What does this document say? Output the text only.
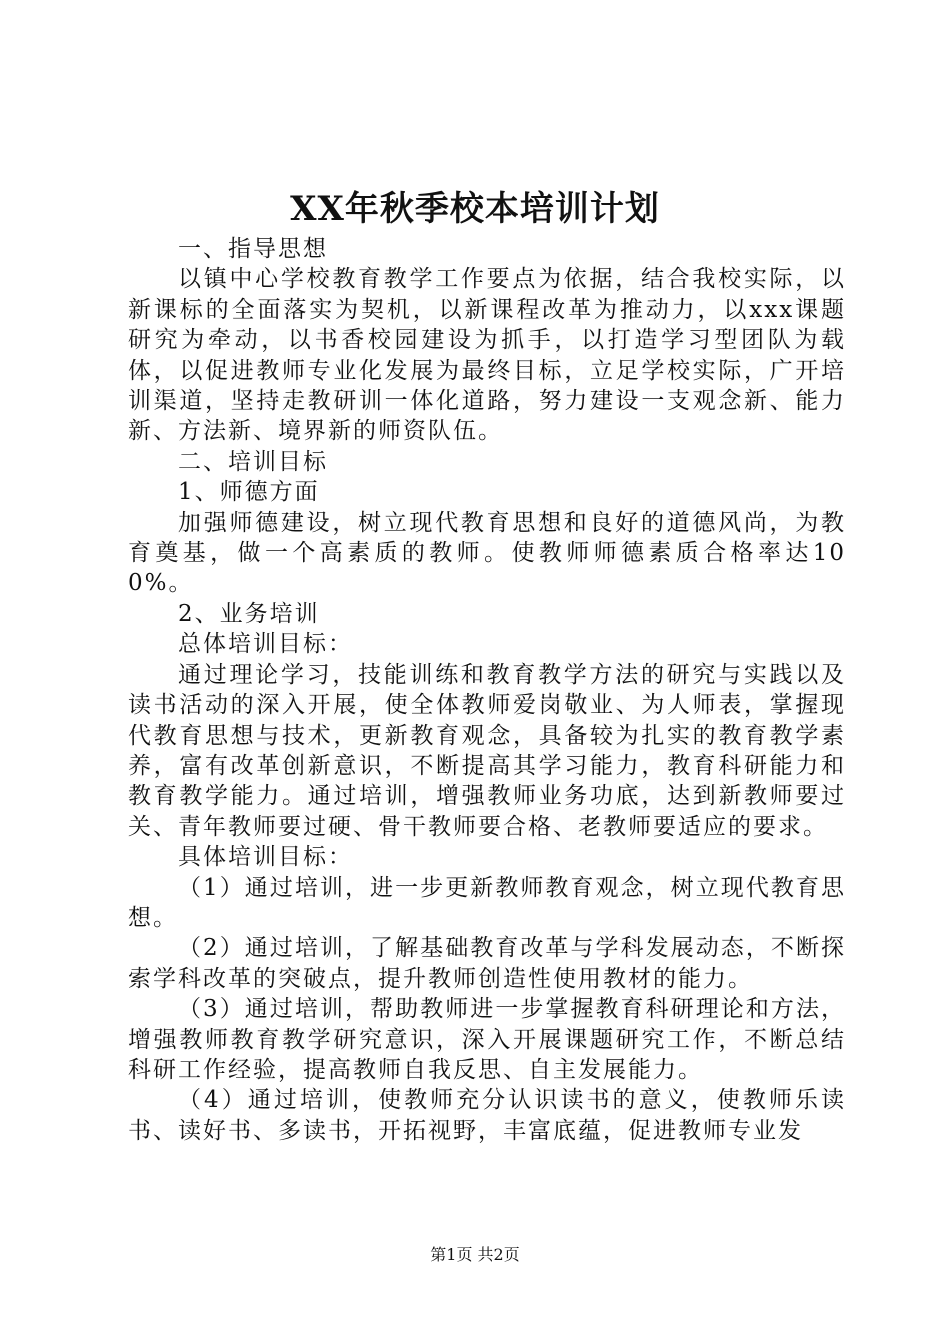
XX年秋季校本培训计划

一、指导思想

以镇中心学校教育教学工作要点为依据，结合我校实际，以新课标的全面落实为契机，以新课程改革为推动力，以xxx课题研究为牵动，以书香校园建设为抓手，以打造学习型团队为载体，以促进教师专业化发展为最终目标，立足学校实际，广开培训渠道，坚持走教研训一体化道路，努力建设一支观念新、能力新、方法新、境界新的师资队伍。

二、培训目标

1、师德方面

加强师德建设，树立现代教育思想和良好的道德风尚，为教育奠基，做一个高素质的教师。使教师师德素质合格率达100%。

2、业务培训

总体培训目标：

通过理论学习，技能训练和教育教学方法的研究与实践以及读书活动的深入开展，使全体教师爱岗敬业、为人师表，掌握现代教育思想与技术，更新教育观念，具备较为扎实的教育教学素养，富有改革创新意识，不断提高其学习能力，教育科研能力和教育教学能力。通过培训，增强教师业务功底，达到新教师要过关、青年教师要过硬、骨干教师要合格、老教师要适应的要求。

具体培训目标：

（1）通过培训，进一步更新教师教育观念，树立现代教育思想。

（2）通过培训，了解基础教育改革与学科发展动态，不断探索学科改革的突破点，提升教师创造性使用教材的能力。

（3）通过培训，帮助教师进一步掌握教育科研理论和方法，增强教师教育教学研究意识，深入开展课题研究工作，不断总结科研工作经验，提高教师自我反思、自主发展能力。

（4）通过培训，使教师充分认识读书的意义，使教师乐读书、读好书、多读书，开拓视野，丰富底蕴，促进教师专业发

第1页 共2页
